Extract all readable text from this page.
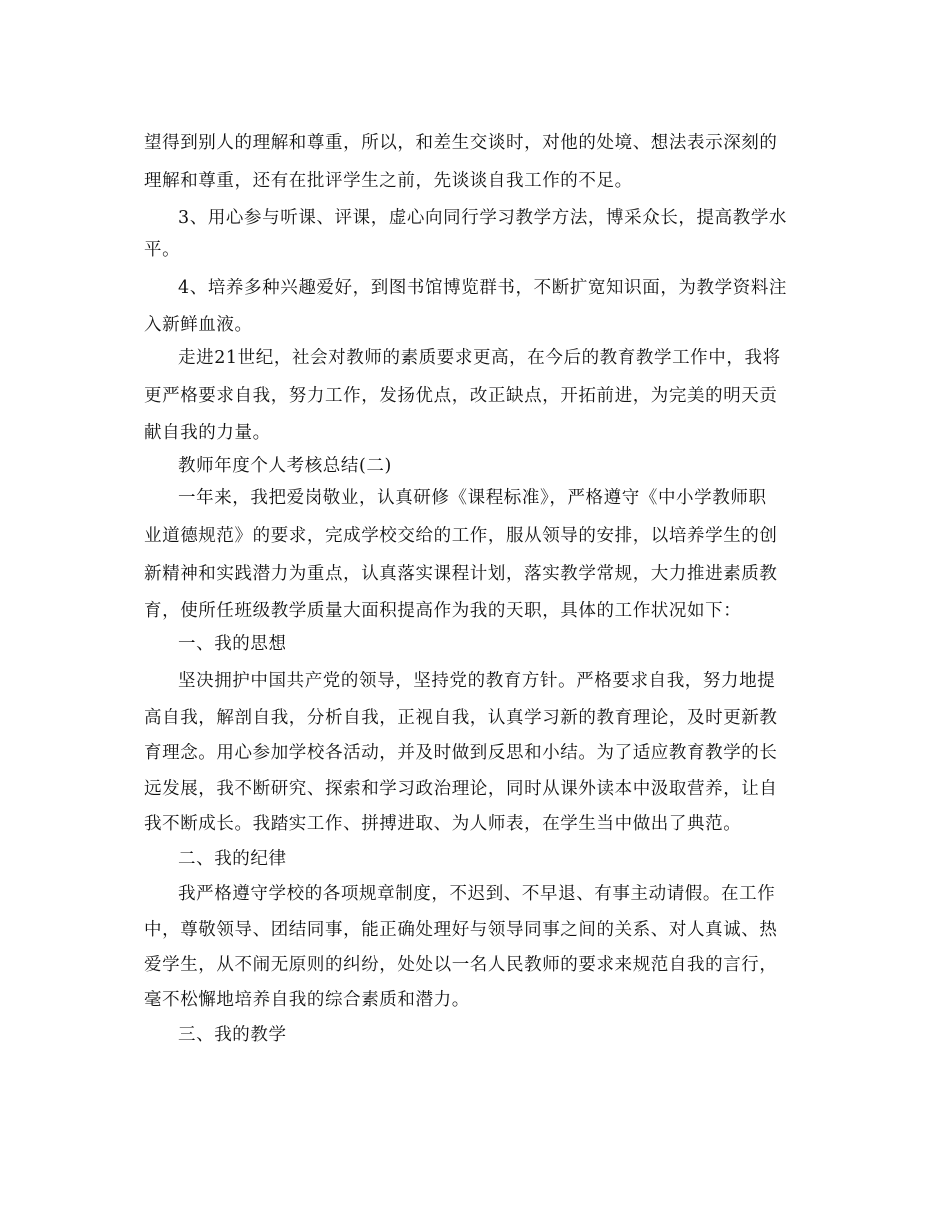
望得到别人的理解和尊重，所以，和差生交谈时，对他的处境、想法表示深刻的
理解和尊重，还有在批评学生之前，先谈谈自我工作的不足。
3、用心参与听课、评课，虚心向同行学习教学方法，博采众长，提高教学水
平。
4、培养多种兴趣爱好，到图书馆博览群书，不断扩宽知识面，为教学资料注
入新鲜血液。
走进21世纪，社会对教师的素质要求更高，在今后的教育教学工作中，我将
更严格要求自我，努力工作，发扬优点，改正缺点，开拓前进，为完美的明天贡
献自我的力量。
教师年度个人考核总结(二)
一年来，我把爱岗敬业，认真研修《课程标准》，严格遵守《中小学教师职
业道德规范》的要求，完成学校交给的工作，服从领导的安排，以培养学生的创
新精神和实践潜力为重点，认真落实课程计划，落实教学常规，大力推进素质教
育，使所任班级教学质量大面积提高作为我的天职，具体的工作状况如下：
一、我的思想
坚决拥护中国共产党的领导，坚持党的教育方针。严格要求自我，努力地提
高自我，解剖自我，分析自我，正视自我，认真学习新的教育理论，及时更新教
育理念。用心参加学校各活动，并及时做到反思和小结。为了适应教育教学的长
远发展，我不断研究、探索和学习政治理论，同时从课外读本中汲取营养，让自
我不断成长。我踏实工作、拼搏进取、为人师表，在学生当中做出了典范。
二、我的纪律
我严格遵守学校的各项规章制度，不迟到、不早退、有事主动请假。在工作
中，尊敬领导、团结同事，能正确处理好与领导同事之间的关系、对人真诚、热
爱学生，从不闹无原则的纠纷，处处以一名人民教师的要求来规范自我的言行，
毫不松懈地培养自我的综合素质和潜力。
三、我的教学
